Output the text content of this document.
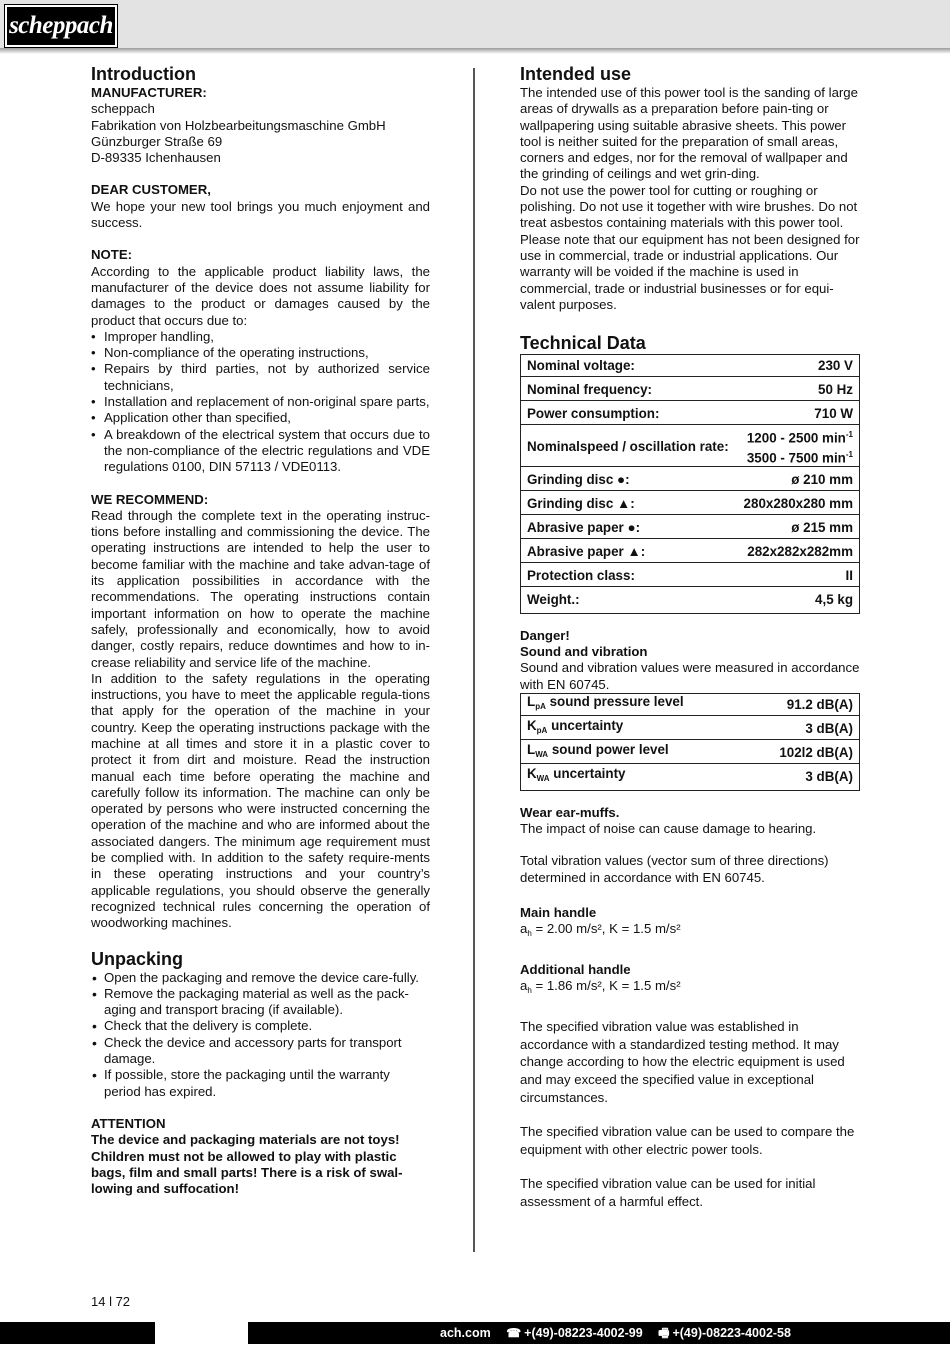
scheppach
Introduction

MANUFACTURER:

scheppach

Fabrikation von Holzbearbeitungsmaschine GmbH

Günzburger Straße 69

D-89335 Ichenhausen

DEAR CUSTOMER,

We hope your new tool brings you much enjoyment and success.

NOTE:

According to the applicable product liability laws, the manufacturer of the device does not assume liability for damages to the product or damages caused by the product that occurs due to:

• Improper handling,
• Non-compliance of the operating instructions,
• Repairs by third parties, not by authorized service technicians,
• Installation and replacement of non-original spare parts,
• Application other than specified,
• A breakdown of the electrical system that occurs due to the non-compliance of the electric regulations and VDE regulations 0100, DIN 57113 / VDE0113.

WE RECOMMEND:

Read through the complete text in the operating instruc-tions before installing and commissioning the device. The operating instructions are intended to help the user to become familiar with the machine and take advan-tage of its application possibilities in accordance with the recommendations. The operating instructions contain important information on how to operate the machine safely, professionally and economically, how to avoid danger, costly repairs, reduce downtimes and how to in-crease reliability and service life of the machine.

In addition to the safety regulations in the operating instructions, you have to meet the applicable regula-tions that apply for the operation of the machine in your country. Keep the operating instructions package with the machine at all times and store it in a plastic cover to protect it from dirt and moisture. Read the instruction manual each time before operating the machine and carefully follow its information. The machine can only be operated by persons who were instructed concerning the operation of the machine and who are informed about the associated dangers. The minimum age requirement must be complied with. In addition to the safety require-ments in these operating instructions and your country’s applicable regulations, you should observe the generally recognized technical rules concerning the operation of woodworking machines.

Unpacking
• Open the packaging and remove the device care-fully.
• Remove the packaging material as well as the pack-aging and transport bracing (if available).
• Check that the delivery is complete.
• Check the device and accessory parts for transport damage.
• If possible, store the packaging until the warranty period has expired.

ATTENTION

The device and packaging materials are not toys! Children must not be allowed to play with plastic bags, film and small parts! There is a risk of swal-lowing and suffocation!

Intended use

The intended use of this power tool is the sanding of large areas of drywalls as a preparation before pain-ting or wallpapering using suitable abrasive sheets. This power tool is neither suited for the preparation of small areas, corners and edges, nor for the removal of wallpaper and the grinding of ceilings and wet grin-ding.

Do not use the power tool for cutting or roughing or polishing. Do not use it together with wire brushes. Do not treat asbestos containing materials with this power tool.

Please note that our equipment has not been designed for use in commercial, trade or industrial applications. Our warranty will be voided if the machine is used in commercial, trade or industrial businesses or for equi-valent purposes.

Technical Data
Nominal voltage:	230 V
Nominal frequency:	50 Hz
Power consumption:	710 W
Nominalspeed / oscillation rate:	1200 - 2500 $\min^{-1}$
3500 - 7500 $\min^{-1}$
Grinding disc ●:	ø 210 mm
Grinding disc ▲:	280x280x280 mm
Abrasive paper ●:	ø 215 mm
Abrasive paper ▲:	282x282x282mm
Protection class:	II
Weight.:	4,5 kg

Danger!

Sound and vibration

Sound and vibration values were measured in accordance with EN 60745.

$L_{pA}$ sound pressure level	91.2 dB(A)
$K_{pA}$ uncertainty	3 dB(A)
$L_{WA}$ sound power level	102l2 dB(A)
$K_{WA}$ uncertainty	3 dB(A)

Wear ear-muffs.

The impact of noise can cause damage to hearing.

Total vibration values (vector sum of three directions) determined in accordance with EN 60745.

Main handle

$a_h = 2.00$ m/s², K = 1.5 m/s²

Additional handle

$a_h = 1.86$ m/s², K = 1.5 m/s²

The specified vibration value was established in accordance with a standardized testing method. It may change according to how the electric equipment is used and may exceed the specified value in exceptional circumstances.

The specified vibration value can be used to compare the equipment with other electric power tools.

The specified vibration value can be used for initial assessment of a harmful effect.

14 l 72
ach.com ☎ +(49)-08223-4002-99 🖷 +(49)-08223-4002-58
